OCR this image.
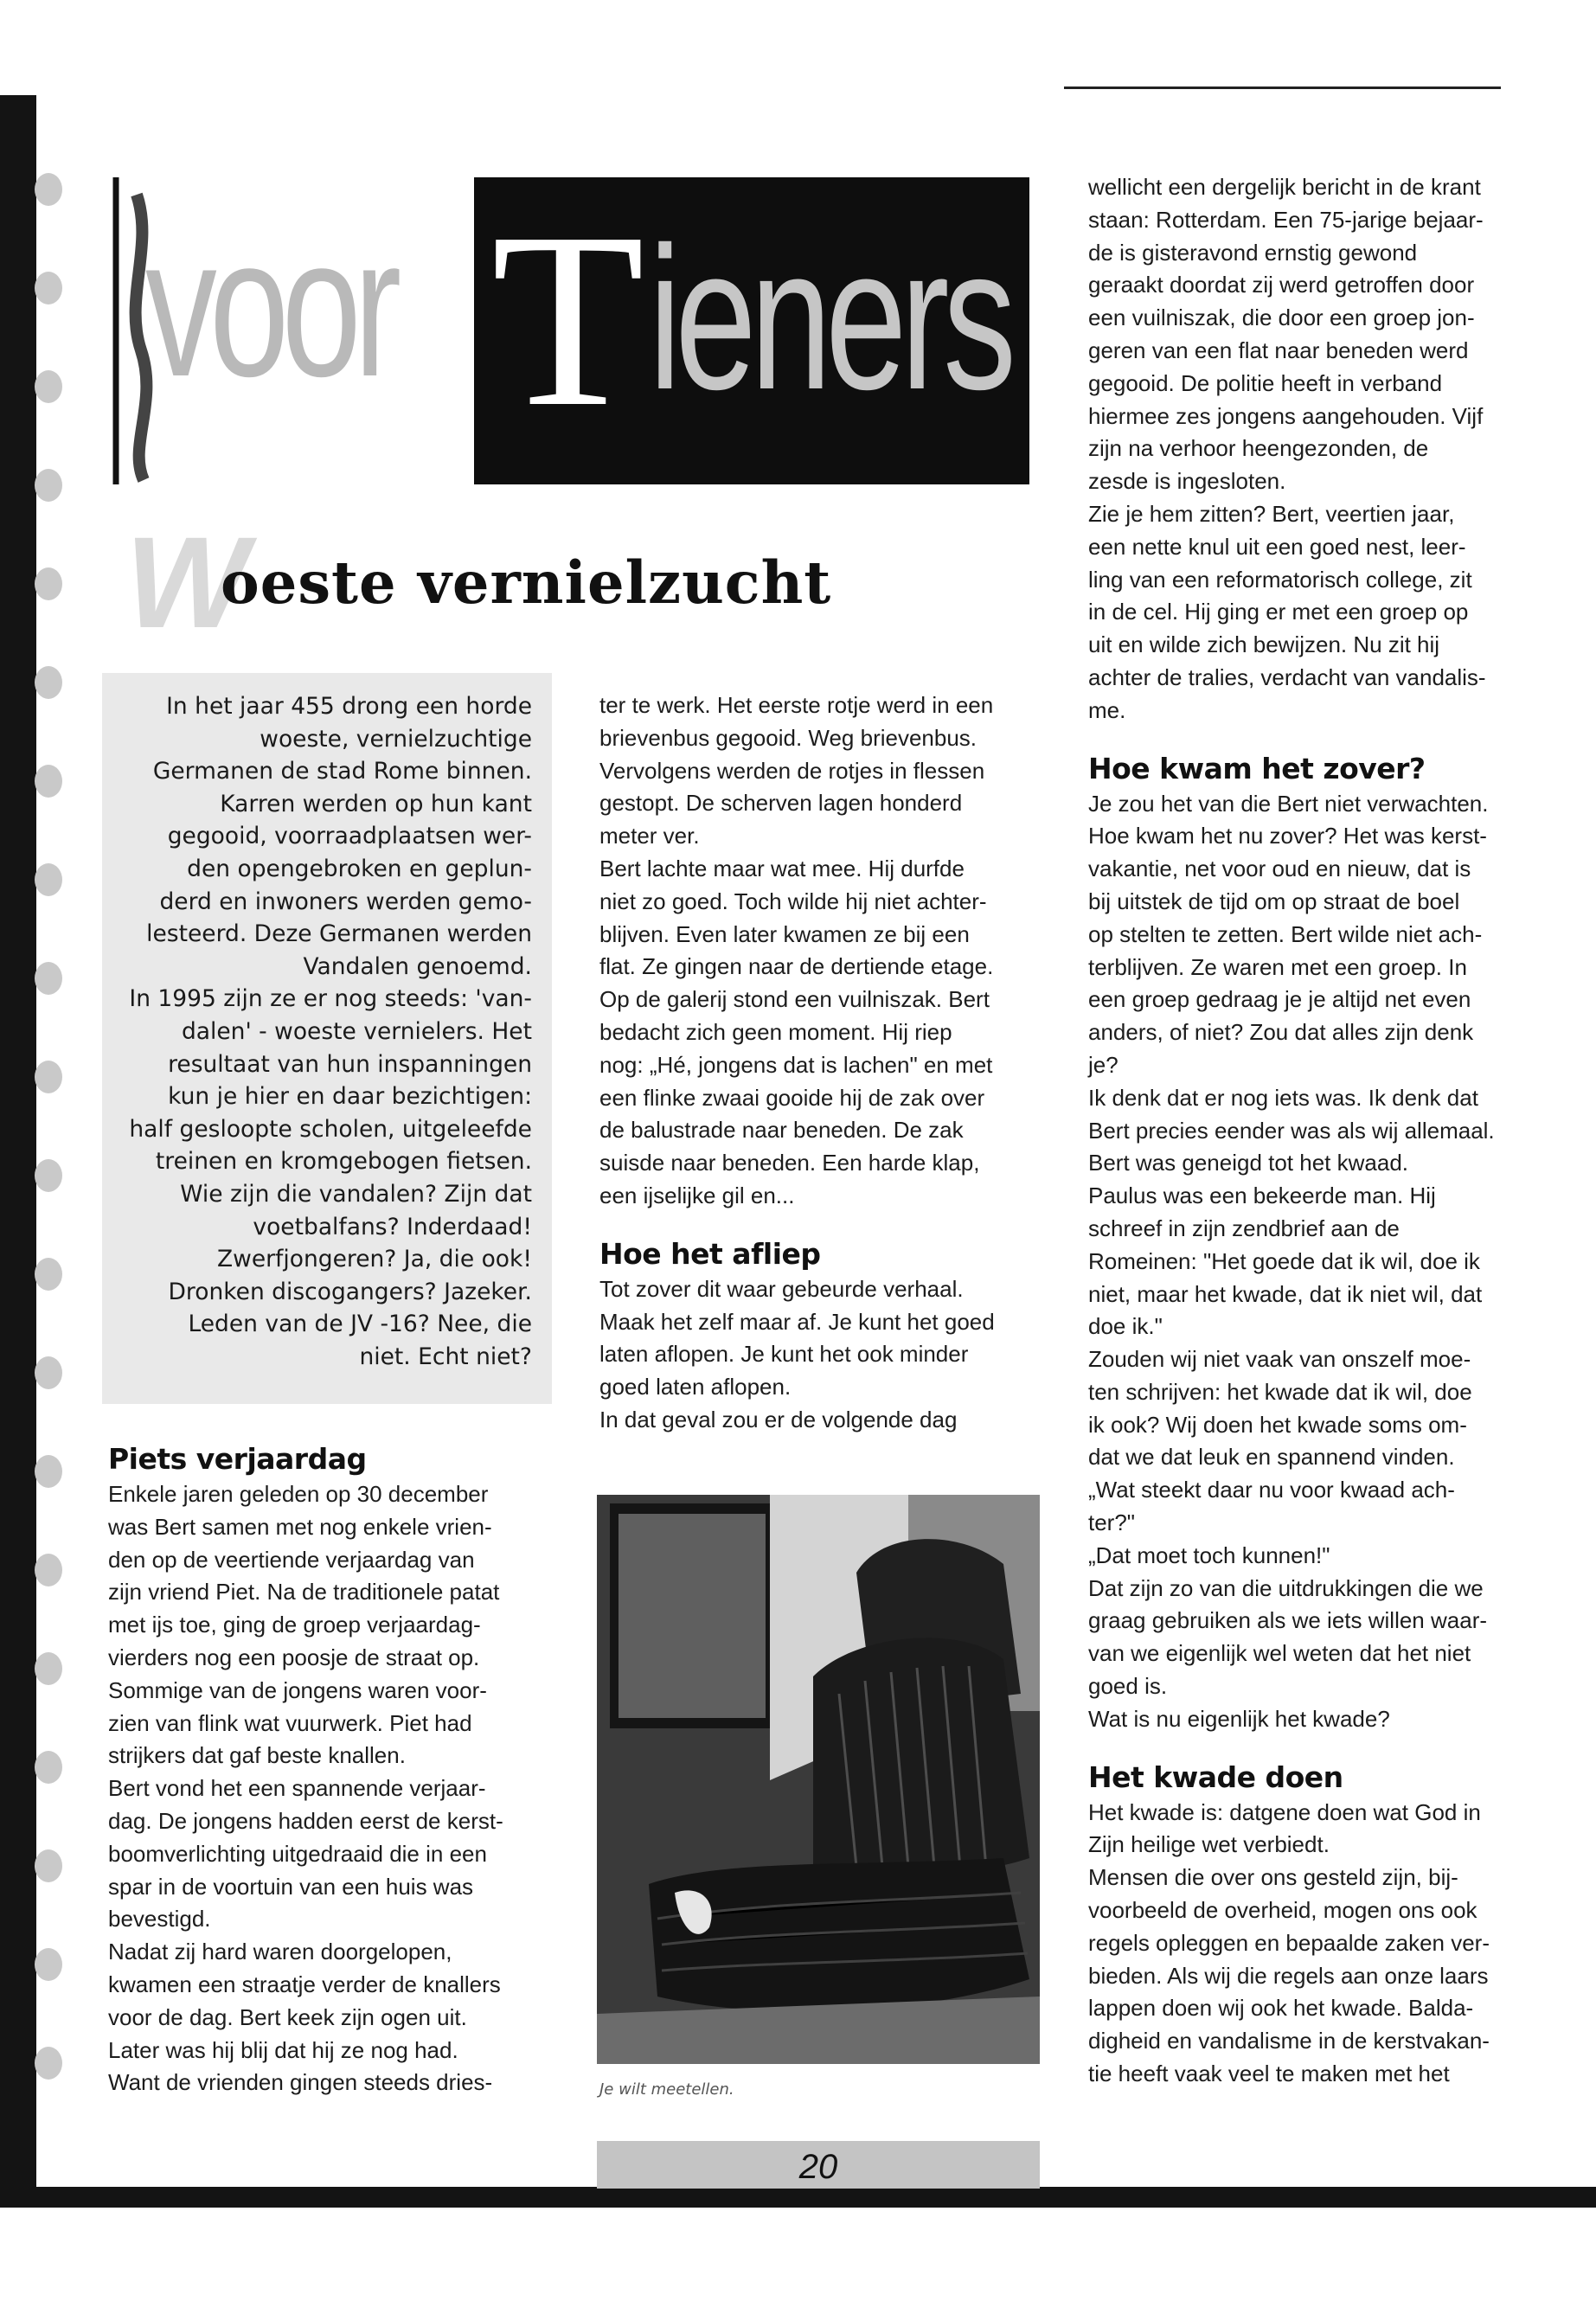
voor T ieners
W
oeste vernielzucht

In het jaar 455 drong een horde

woeste, vernielzuchtige

Germanen de stad Rome binnen.

Karren werden op hun kant

gegooid, voorraadplaatsen wer-

den opengebroken en geplun-

derd en inwoners werden gemo-

lesteerd. Deze Germanen werden

Vandalen genoemd.

In 1995 zijn ze er nog steeds: 'van-

dalen' - woeste vernielers. Het

resultaat van hun inspanningen

kun je hier en daar bezichtigen:

half gesloopte scholen, uitgeleefde

treinen en kromgebogen fietsen.

Wie zijn die vandalen? Zijn dat

voetbalfans? Inderdaad!

Zwerfjongeren? Ja, die ook!

Dronken discogangers? Jazeker.

Leden van de JV -16? Nee, die

niet. Echt niet?

Piets verjaardag

Enkele jaren geleden op 30 december

was Bert samen met nog enkele vrien-

den op de veertiende verjaardag van

zijn vriend Piet. Na de traditionele patat

met ijs toe, ging de groep verjaardag-

vierders nog een poosje de straat op.

Sommige van de jongens waren voor-

zien van flink wat vuurwerk. Piet had

strijkers dat gaf beste knallen.

Bert vond het een spannende verjaar-

dag. De jongens hadden eerst de kerst-

boomverlichting uitgedraaid die in een

spar in de voortuin van een huis was

bevestigd.

Nadat zij hard waren doorgelopen,

kwamen een straatje verder de knallers

voor de dag. Bert keek zijn ogen uit.

Later was hij blij dat hij ze nog had.

Want de vrienden gingen steeds dries-

ter te werk. Het eerste rotje werd in een

brievenbus gegooid. Weg brievenbus.

Vervolgens werden de rotjes in flessen

gestopt. De scherven lagen honderd

meter ver.

Bert lachte maar wat mee. Hij durfde

niet zo goed. Toch wilde hij niet achter-

blijven. Even later kwamen ze bij een

flat. Ze gingen naar de dertiende etage.

Op de galerij stond een vuilniszak. Bert

bedacht zich geen moment. Hij riep

nog: „Hé, jongens dat is lachen" en met

een flinke zwaai gooide hij de zak over

de balustrade naar beneden. De zak

suisde naar beneden. Een harde klap,

een ijselijke gil en...

Hoe het afliep

Tot zover dit waar gebeurde verhaal.

Maak het zelf maar af. Je kunt het goed

laten aflopen. Je kunt het ook minder

goed laten aflopen.

In dat geval zou er de volgende dag

Je wilt meetellen.

wellicht een dergelijk bericht in de krant

staan: Rotterdam. Een 75-jarige bejaar-

de is gisteravond ernstig gewond

geraakt doordat zij werd getroffen door

een vuilniszak, die door een groep jon-

geren van een flat naar beneden werd

gegooid. De politie heeft in verband

hiermee zes jongens aangehouden. Vijf

zijn na verhoor heengezonden, de

zesde is ingesloten.

Zie je hem zitten? Bert, veertien jaar,

een nette knul uit een goed nest, leer-

ling van een reformatorisch college, zit

in de cel. Hij ging er met een groep op

uit en wilde zich bewijzen. Nu zit hij

achter de tralies, verdacht van vandalis-

me.

Hoe kwam het zover?

Je zou het van die Bert niet verwachten.

Hoe kwam het nu zover? Het was kerst-

vakantie, net voor oud en nieuw, dat is

bij uitstek de tijd om op straat de boel

op stelten te zetten. Bert wilde niet ach-

terblijven. Ze waren met een groep. In

een groep gedraag je je altijd net even

anders, of niet? Zou dat alles zijn denk

je?

Ik denk dat er nog iets was. Ik denk dat

Bert precies eender was als wij allemaal.

Bert was geneigd tot het kwaad.

Paulus was een bekeerde man. Hij

schreef in zijn zendbrief aan de

Romeinen: "Het goede dat ik wil, doe ik

niet, maar het kwade, dat ik niet wil, dat

doe ik."

Zouden wij niet vaak van onszelf moe-

ten schrijven: het kwade dat ik wil, doe

ik ook? Wij doen het kwade soms om-

dat we dat leuk en spannend vinden.

„Wat steekt daar nu voor kwaad ach-

ter?"

„Dat moet toch kunnen!"

Dat zijn zo van die uitdrukkingen die we

graag gebruiken als we iets willen waar-

van we eigenlijk wel weten dat het niet

goed is.

Wat is nu eigenlijk het kwade?

Het kwade doen

Het kwade is: datgene doen wat God in

Zijn heilige wet verbiedt.

Mensen die over ons gesteld zijn, bij-

voorbeeld de overheid, mogen ons ook

regels opleggen en bepaalde zaken ver-

bieden. Als wij die regels aan onze laars

lappen doen wij ook het kwade. Balda-

digheid en vandalisme in de kerstvakan-

tie heeft vaak veel te maken met het

20
